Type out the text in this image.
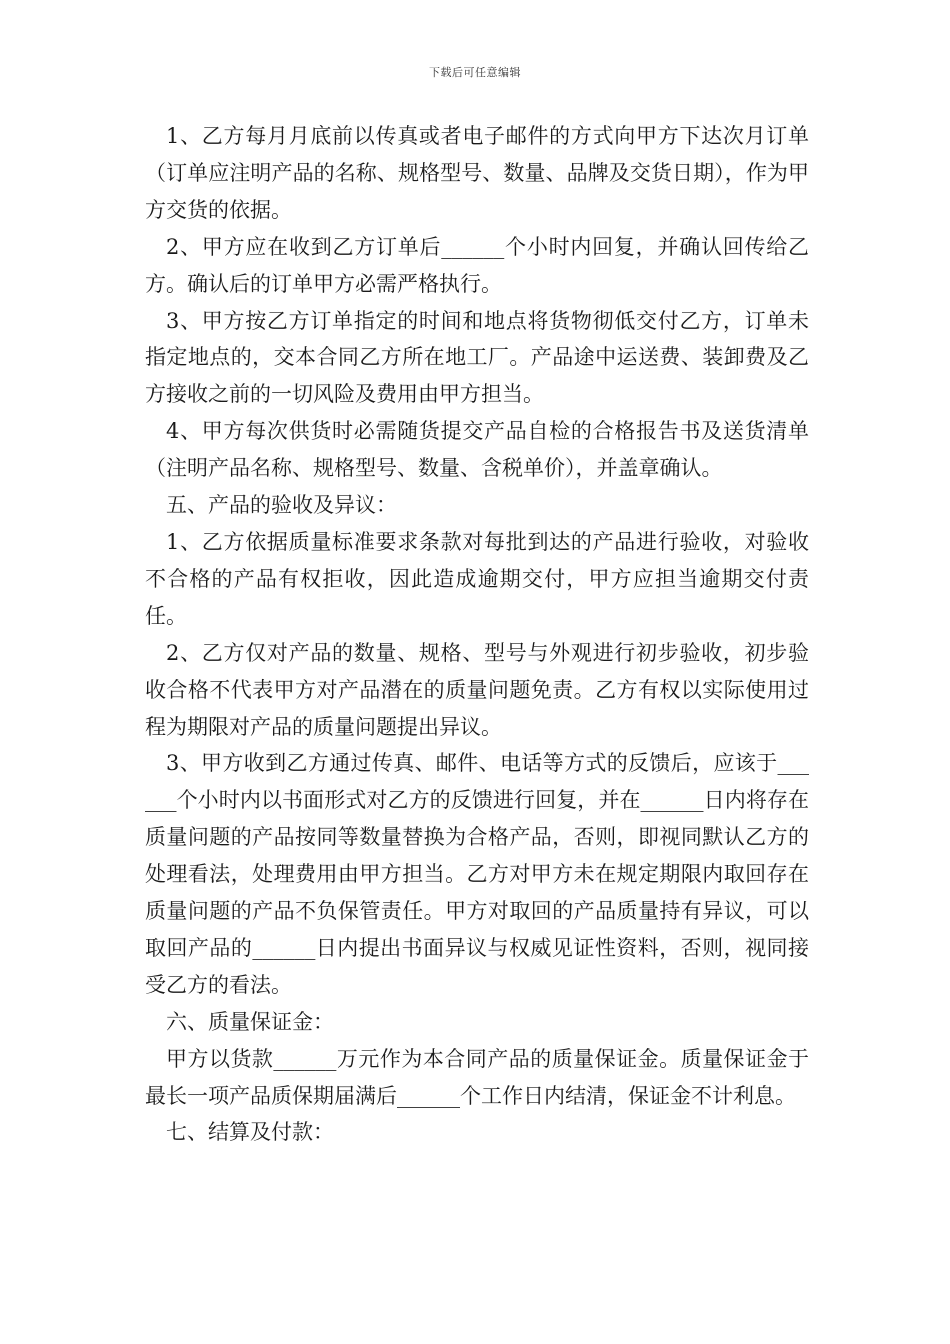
下载后可任意编辑

1、乙方每月月底前以传真或者电子邮件的方式向甲方下达次月订单（订单应注明产品的名称、规格型号、数量、品牌及交货日期），作为甲方交货的依据。

2、甲方应在收到乙方订单后______个小时内回复，并确认回传给乙方。确认后的订单甲方必需严格执行。

3、甲方按乙方订单指定的时间和地点将货物彻低交付乙方，订单未指定地点的，交本合同乙方所在地工厂。产品途中运送费、装卸费及乙方接收之前的一切风险及费用由甲方担当。

4、甲方每次供货时必需随货提交产品自检的合格报告书及送货清单（注明产品名称、规格型号、数量、含税单价），并盖章确认。

五、产品的验收及异议：

1、乙方依据质量标准要求条款对每批到达的产品进行验收，对验收不合格的产品有权拒收，因此造成逾期交付，甲方应担当逾期交付责任。

2、乙方仅对产品的数量、规格、型号与外观进行初步验收，初步验收合格不代表甲方对产品潜在的质量问题免责。乙方有权以实际使用过程为期限对产品的质量问题提出异议。

3、甲方收到乙方通过传真、邮件、电话等方式的反馈后，应该于______个小时内以书面形式对乙方的反馈进行回复，并在______日内将存在质量问题的产品按同等数量替换为合格产品，否则，即视同默认乙方的处理看法，处理费用由甲方担当。乙方对甲方未在规定期限内取回存在质量问题的产品不负保管责任。甲方对取回的产品质量持有异议，可以取回产品的______日内提出书面异议与权威见证性资料，否则，视同接受乙方的看法。

六、质量保证金：

甲方以货款______万元作为本合同产品的质量保证金。质量保证金于最长一项产品质保期届满后______个工作日内结清，保证金不计利息。

七、结算及付款：
